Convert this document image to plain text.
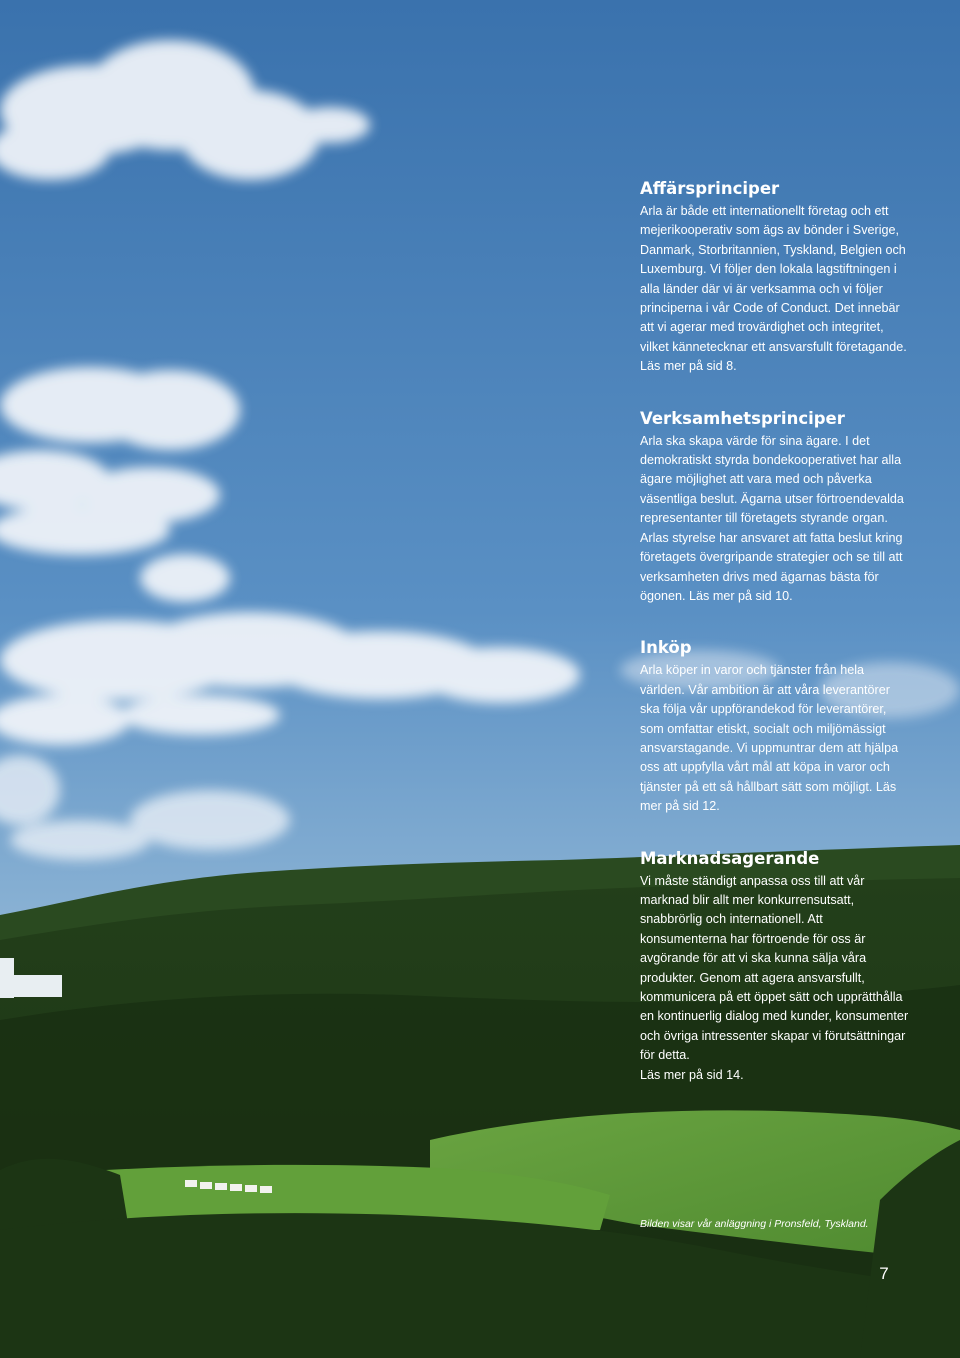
Affärsprinciper

Arla är både ett internationellt företag och ett mejerikooperativ som ägs av bönder i Sverige, Danmark, Storbritannien, Tyskland, Belgien och Luxemburg. Vi följer den lokala lagstiftningen i alla länder där vi är verksamma och vi följer principerna i vår Code of Conduct. Det innebär att vi agerar med trovärdighet och integritet, vilket kännetecknar ett ansvarsfullt företagande.

Läs mer på sid 8.

Verksamhetsprinciper

Arla ska skapa värde för sina ägare. I det demokratiskt styrda bondekooperativet har alla ägare möjlighet att vara med och påverka väsentliga beslut. Ägarna utser förtroendevalda representanter till företagets styrande organ. Arlas styrelse har ansvaret att fatta beslut kring företagets övergripande strategier och se till att verksamheten drivs med ägarnas bästa för ögonen. Läs mer på sid 10.

Inköp

Arla köper in varor och tjänster från hela världen. Vår ambition är att våra leverantörer ska följa vår uppförandekod för leverantörer, som omfattar etiskt, socialt och miljömässigt ansvarstagande. Vi uppmuntrar dem att hjälpa oss att uppfylla vårt mål att köpa in varor och tjänster på ett så hållbart sätt som möjligt. Läs mer på sid 12.

Marknadsagerande

Vi måste ständigt anpassa oss till att vår marknad blir allt mer konkurrensutsatt, snabbrörlig och internationell. Att konsumenterna har förtroende för oss är avgörande för att vi ska kunna sälja våra produkter. Genom att agera ansvarsfullt, kommunicera på ett öppet sätt och upprätthålla en kontinuerlig dialog med kunder, konsumenter och övriga intressenter skapar vi förutsättningar för detta.

Läs mer på sid 14.

Bilden visar vår anläggning i Pronsfeld, Tyskland.
7
